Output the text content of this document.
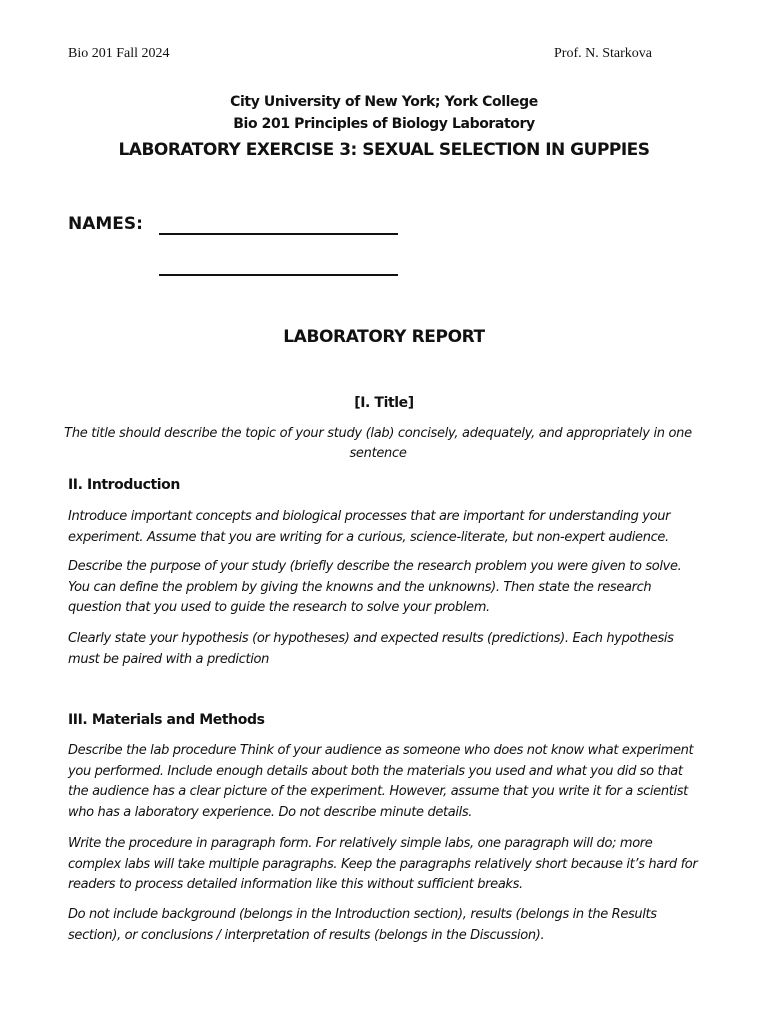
Bio 201 Fall 2024	Prof. N. Starkova
City University of New York; York College
Bio 201 Principles of Biology Laboratory
LABORATORY EXERCISE 3: SEXUAL SELECTION IN GUPPIES
NAMES:
LABORATORY REPORT
[I. Title]
The title should describe the topic of your study (lab) concisely, adequately, and appropriately in one sentence
II. Introduction
Introduce important concepts and biological processes that are important for understanding your experiment. Assume that you are writing for a curious, science-literate, but non-expert audience.
Describe the purpose of your study (briefly describe the research problem you were given to solve. You can define the problem by giving the knowns and the unknowns). Then state the research question that you used to guide the research to solve your problem.
Clearly state your hypothesis (or hypotheses) and expected results (predictions). Each hypothesis must be paired with a prediction
III. Materials and Methods
Describe the lab procedure Think of your audience as someone who does not know what experiment you performed. Include enough details about both the materials you used and what you did so that the audience has a clear picture of the experiment. However, assume that you write it for a scientist who has a laboratory experience. Do not describe minute details.
Write the procedure in paragraph form. For relatively simple labs, one paragraph will do; more complex labs will take multiple paragraphs. Keep the paragraphs relatively short because it’s hard for readers to process detailed information like this without sufficient breaks.
Do not include background (belongs in the Introduction section), results (belongs in the Results section), or conclusions / interpretation of results (belongs in the Discussion).
